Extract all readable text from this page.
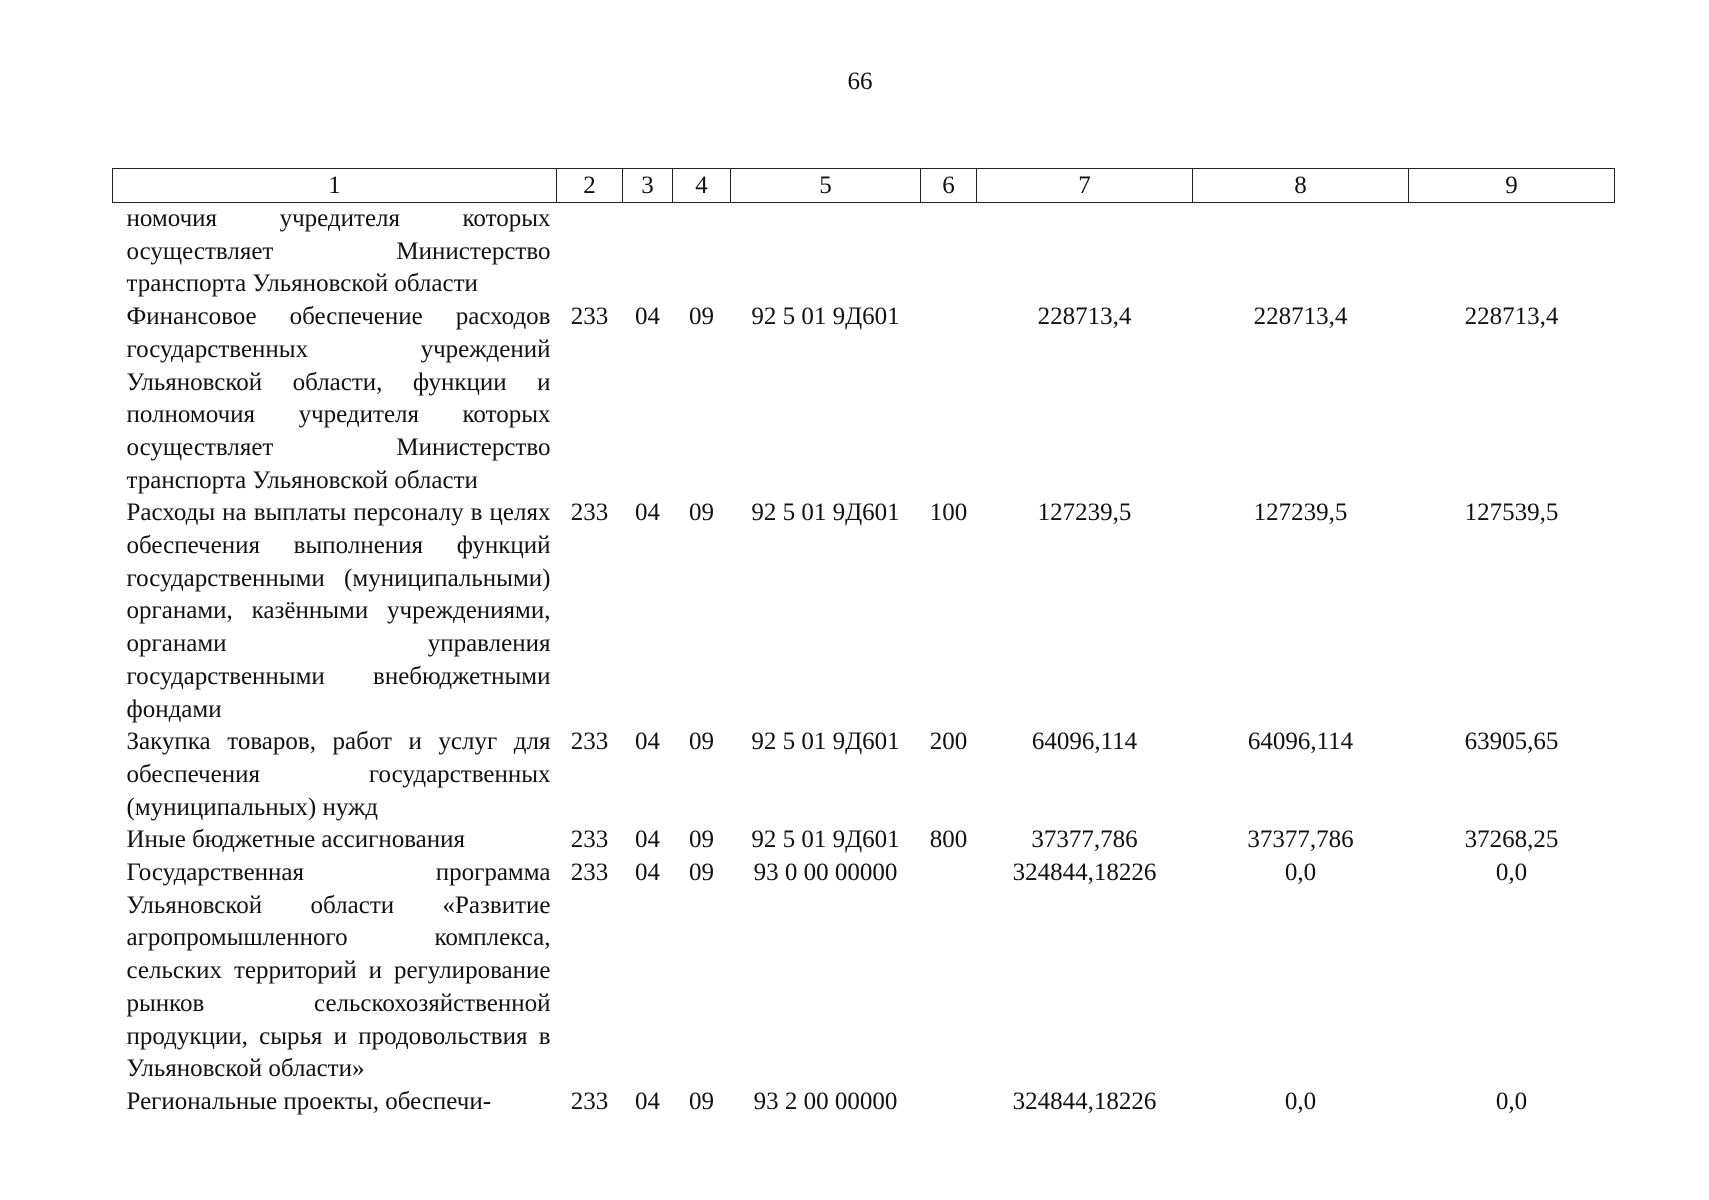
66
1	2	3	4	5	6	7	8	9
номочия учредителя которых осуществляет Министерство транспорта Ульяновской области								
Финансовое обеспечение расходов государственных учреждений Ульяновской области, функции и полномочия учредителя которых осуществляет Министерство транспорта Ульяновской области	233	04	09	92 5 01 9Д601		228713,4	228713,4	228713,4
Расходы на выплаты персоналу в целях обеспечения выполнения функций государственными (муниципальными) органами, казёнными учреждениями, органами управления государственными внебюджетными фондами	233	04	09	92 5 01 9Д601	100	127239,5	127239,5	127539,5
Закупка товаров, работ и услуг для обеспечения государственных (муниципальных) нужд	233	04	09	92 5 01 9Д601	200	64096,114	64096,114	63905,65
Иные бюджетные ассигнования	233	04	09	92 5 01 9Д601	800	37377,786	37377,786	37268,25
Государственная программа Ульяновской области «Развитие агропромышленного комплекса, сельских территорий и регулирование рынков сельскохозяйственной продукции, сырья и продовольствия в Ульяновской области»	233	04	09	93 0 00 00000		324844,18226	0,0	0,0
Региональные проекты, обеспечи-	233	04	09	93 2 00 00000		324844,18226	0,0	0,0
